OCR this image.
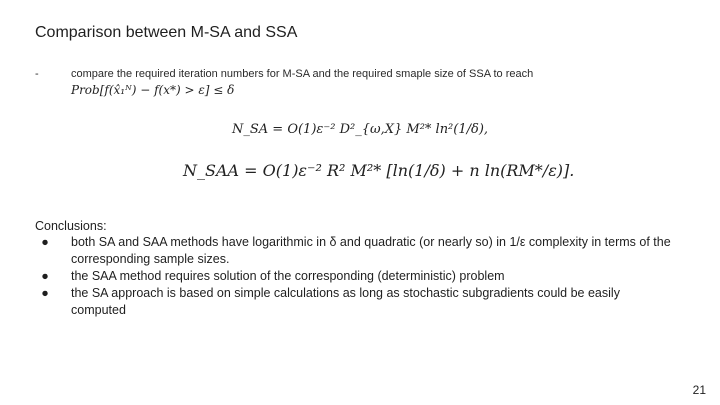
Comparison between M-SA and SSA
-	compare the required iteration numbers for M-SA and the required smaple size of SSA to reach
Prob[f(x̂₁ᴺ) − f(x*) > ε] ≤ δ
N_SA = O(1)ε⁻² D²_{ω,X} M²* ln²(1/δ),
N_SAA = O(1)ε⁻² R² M²* [ln(1/δ) + n ln(RM*/ε)].
Conclusions:
●	both SA and SAA methods have logarithmic in δ and quadratic (or nearly so) in 1/ε complexity in terms of the corresponding sample sizes.
●	the SAA method requires solution of the corresponding (deterministic) problem
●	the SA approach is based on simple calculations as long as stochastic subgradients could be easily computed
21
